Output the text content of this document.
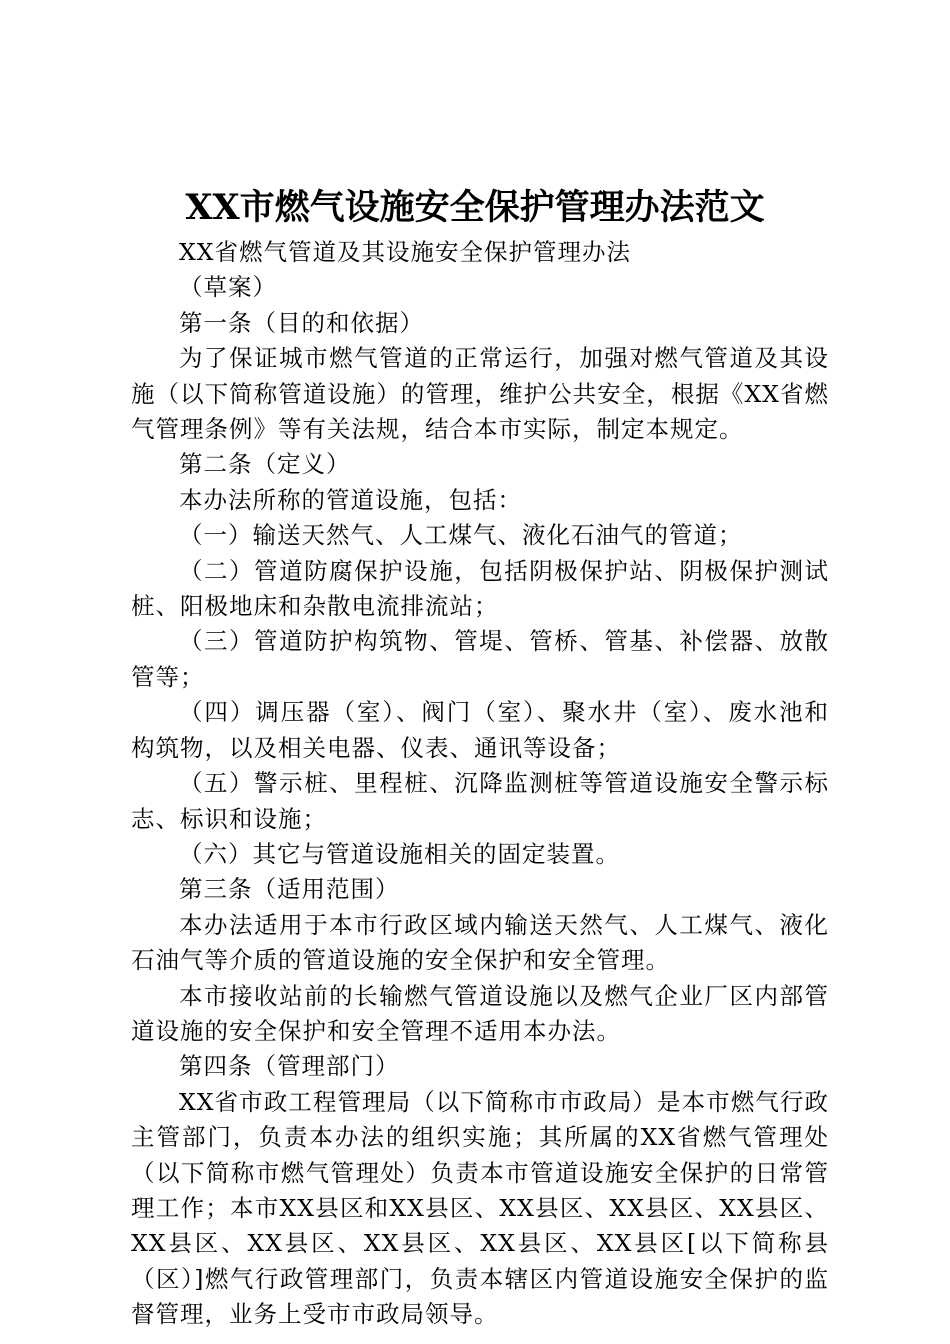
XX市燃气设施安全保护管理办法范文

XX省燃气管道及其设施安全保护管理办法

（草案）

第一条（目的和依据）

为了保证城市燃气管道的正常运行，加强对燃气管道及其设施（以下简称管道设施）的管理，维护公共安全，根据《XX省燃气管理条例》等有关法规，结合本市实际，制定本规定。

第二条（定义）

本办法所称的管道设施，包括：

（一）输送天然气、人工煤气、液化石油气的管道；

（二）管道防腐保护设施，包括阴极保护站、阴极保护测试桩、阳极地床和杂散电流排流站；

（三）管道防护构筑物、管堤、管桥、管基、补偿器、放散管等；

（四）调压器（室）、阀门（室）、聚水井（室）、废水池和构筑物，以及相关电器、仪表、通讯等设备；

（五）警示桩、里程桩、沉降监测桩等管道设施安全警示标志、标识和设施；

（六）其它与管道设施相关的固定装置。

第三条（适用范围）

本办法适用于本市行政区域内输送天然气、人工煤气、液化石油气等介质的管道设施的安全保护和安全管理。

本市接收站前的长输燃气管道设施以及燃气企业厂区内部管道设施的安全保护和安全管理不适用本办法。

第四条（管理部门）

XX省市政工程管理局（以下简称市市政局）是本市燃气行政主管部门，负责本办法的组织实施；其所属的XX省燃气管理处（以下简称市燃气管理处）负责本市管道设施安全保护的日常管理工作；本市XX县区和XX县区、XX县区、XX县区、XX县区、XX县区、XX县区、XX县区、XX县区、XX县区[以下简称县（区）]燃气行政管理部门，负责本辖区内管道设施安全保护的监督管理，业务上受市市政局领导。
